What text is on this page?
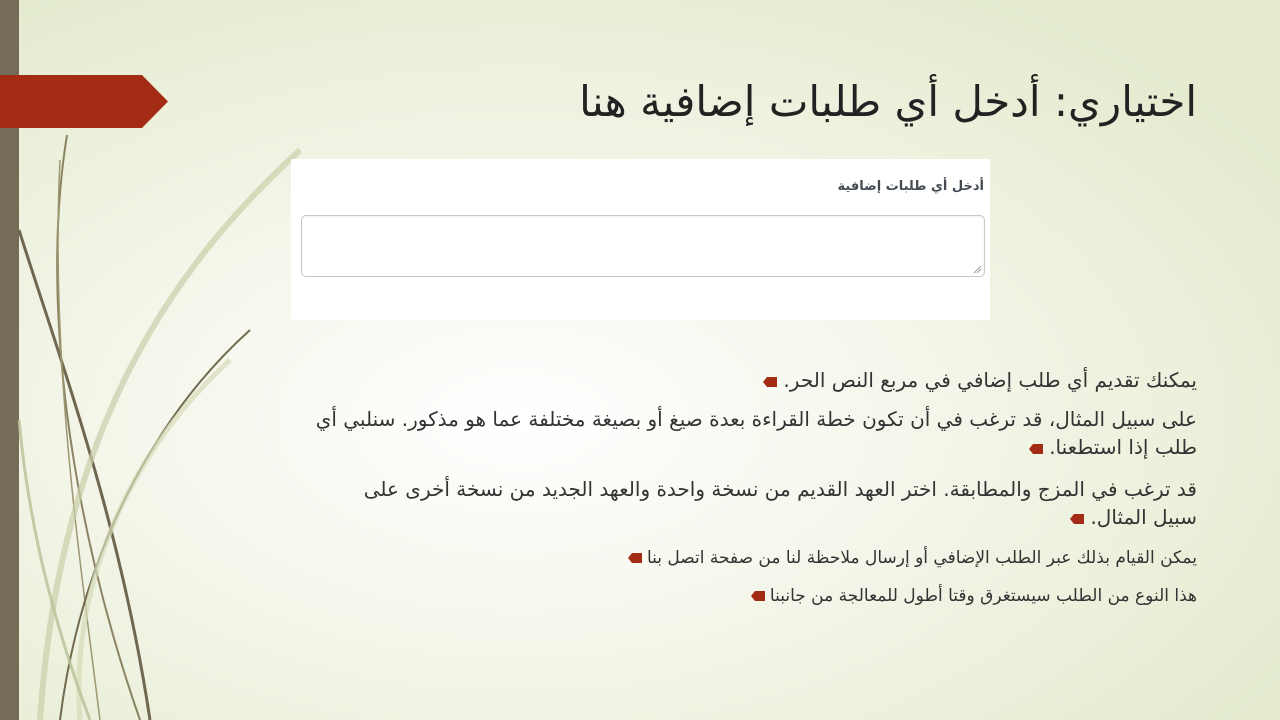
اختياري: أدخل أي طلبات إضافية هنا
أدخل أي طلبات إضافية
يمكنك تقديم أي طلب إضافي في مربع النص الحر.
على سبيل المثال، قد ترغب في أن تكون خطة القراءة بعدة صيغ أو بصيغة مختلفة عما هو مذكور. سنلبي أي طلب إذا استطعنا.
قد ترغب في المزج والمطابقة. اختر العهد القديم من نسخة واحدة والعهد الجديد من نسخة أخرى على سبيل المثال.
يمكن القيام بذلك عبر الطلب الإضافي أو إرسال ملاحظة لنا من صفحة اتصل بنا
هذا النوع من الطلب سيستغرق وقتا أطول للمعالجة من جانبنا
